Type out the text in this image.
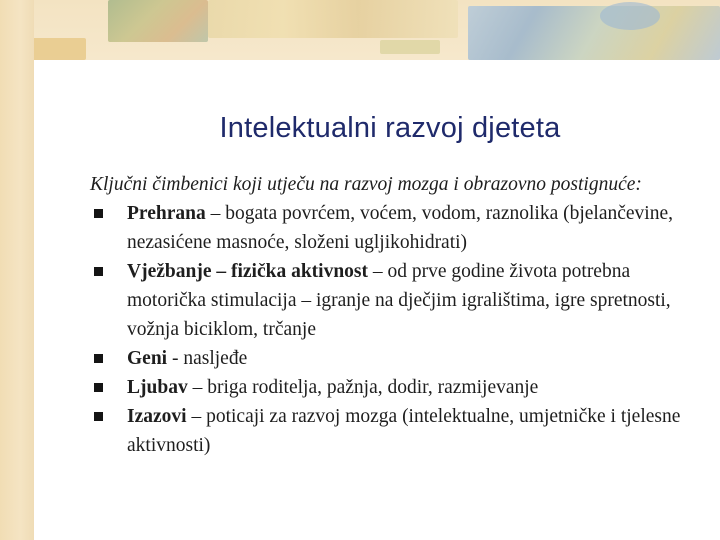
Intelektualni razvoj djeteta

Ključni čimbenici koji utječu na razvoj mozga i obrazovno postignuće:

Prehrana – bogata povrćem, voćem, vodom, raznolika (bjelančevine, nezasićene masnoće, složeni ugljikohidrati)
Vježbanje – fizička aktivnost – od prve godine života potrebna motorička stimulacija – igranje na dječjim igralištima, igre spretnosti, vožnja biciklom, trčanje
Geni - nasljeđe
Ljubav – briga roditelja, pažnja, dodir, razmijevanje
Izazovi – poticaji za razvoj mozga (intelektualne, umjetničke i tjelesne aktivnosti)
